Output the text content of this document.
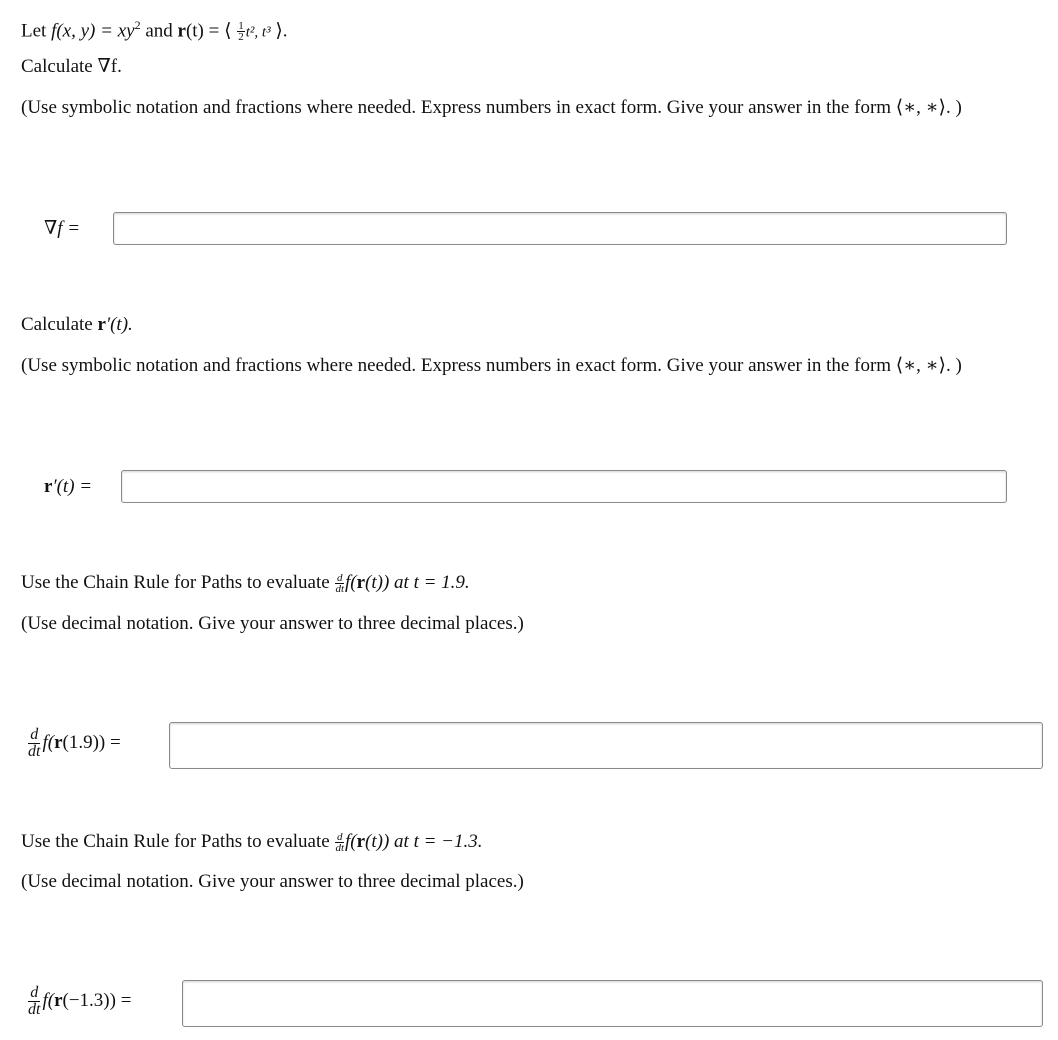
Let f(x, $y) = xy^2$ and r(t) = ⟨ $\frac{1}{2} t^2$, t³ ⟩.
Calculate ∇f.
(Use symbolic notation and fractions where needed. Express numbers in exact form. Give your answer in the form ⟨∗, ∗⟩. )
∇f =
Calculate r′(t).
(Use symbolic notation and fractions where needed. Express numbers in exact form. Give your answer in the form ⟨∗, ∗⟩. )
r′(t) =
Use the Chain Rule for Paths to evaluate $\frac{d}{dt} f(r(t))$ at t = 1.9.
(Use decimal notation. Give your answer to three decimal places.)
$\frac{d}{dt} f(r(1.9))$ =
Use the Chain Rule for Paths to evaluate $\frac{d}{dt} f(r(t))$ at t = −1.3.
(Use decimal notation. Give your answer to three decimal places.)
$\frac{d}{dt} f(r(-1.3))$ =
